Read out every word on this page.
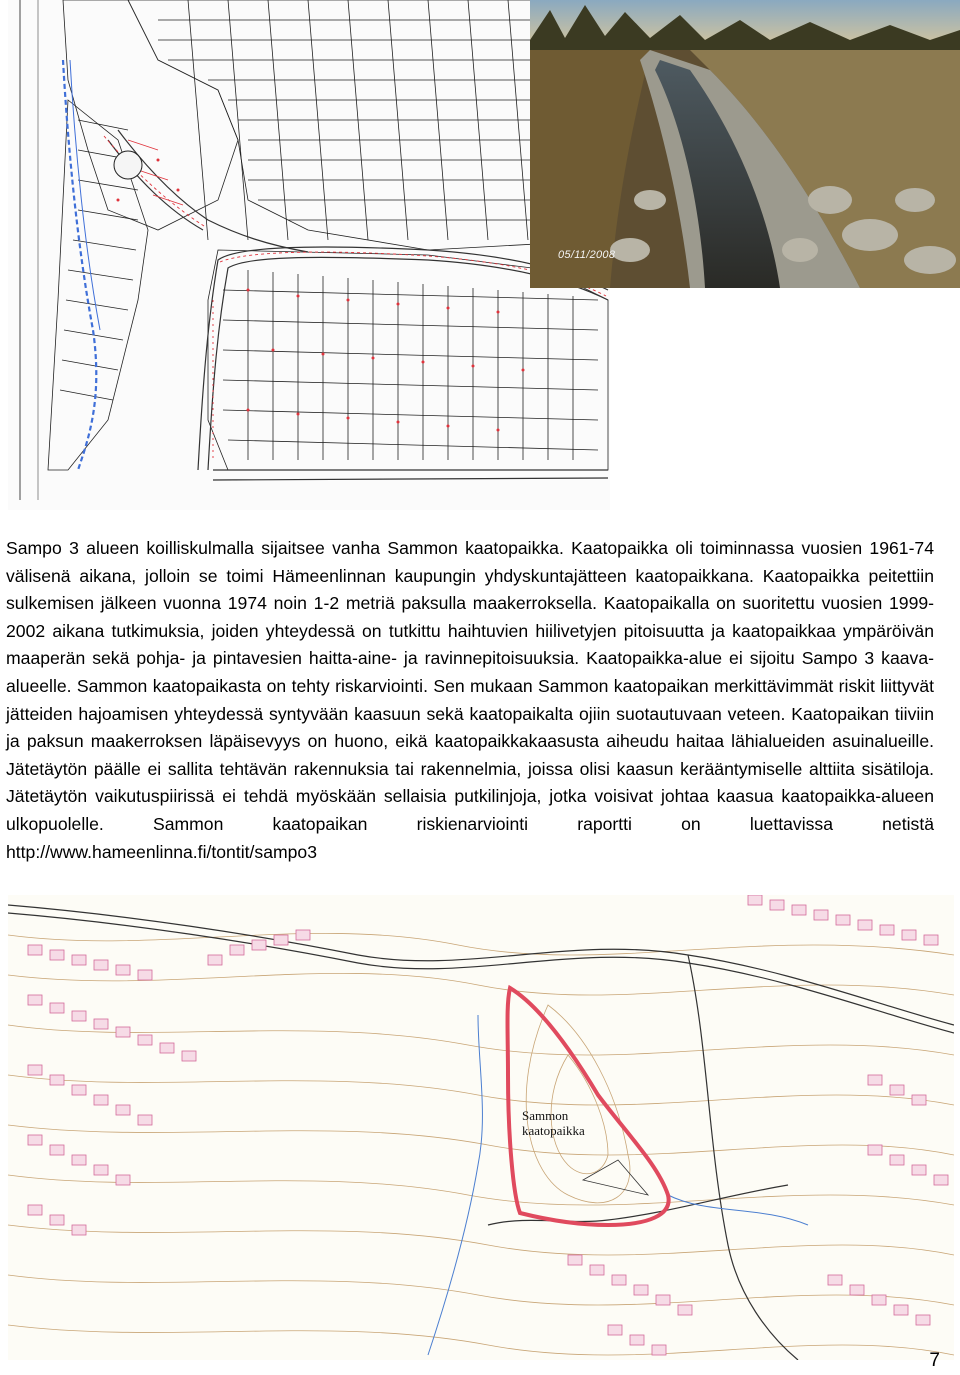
05/11/2008

Sampo 3 alueen koilliskulmalla sijaitsee vanha Sammon kaatopaikka. Kaatopaikka oli toiminnassa vuosien 1961-74 välisenä aikana, jolloin se toimi Hämeenlinnan kaupungin yhdyskuntajätteen kaatopaikkana. Kaatopaikka peitettiin sulkemisen jälkeen vuonna 1974 noin 1-2 metriä paksulla maakerroksella. Kaatopaikalla on suoritettu vuosien 1999-2002 aikana tutkimuksia, joiden yhteydessä on tutkittu haihtuvien hiilivetyjen pitoisuutta ja kaatopaikkaa ympäröivän maaperän sekä pohja- ja pintavesien haitta-aine- ja ravinnepitoisuuksia. Kaatopaikka-alue ei sijoitu Sampo 3 kaava-alueelle. Sammon kaatopaikasta on tehty riskarviointi. Sen mukaan Sammon kaatopaikan merkittävimmät riskit liittyvät jätteiden hajoamisen yhteydessä syntyvään kaasuun sekä kaatopaikalta ojiin suotautuvaan veteen. Kaatopaikan tiiviin ja paksun maakerroksen läpäisevyys on huono, eikä kaatopaikkakaasusta aiheudu haitaa lähialueiden asuinalueille. Jätetäytön päälle ei sallita tehtävän rakennuksia tai rakennelmia, joissa olisi kaasun kerääntymiselle alttiita sisätiloja. Jätetäytön vaikutuspiirissä ei tehdä myöskään sellaisia putkilinjoja, jotka voisivat johtaa kaasua kaatopaikka-alueen ulkopuolelle. Sammon kaatopaikan riskienarviointi raportti on luettavissa netistä http://www.hameenlinna.fi/tontit/sampo3

Sammon
kaatopaikka
7
